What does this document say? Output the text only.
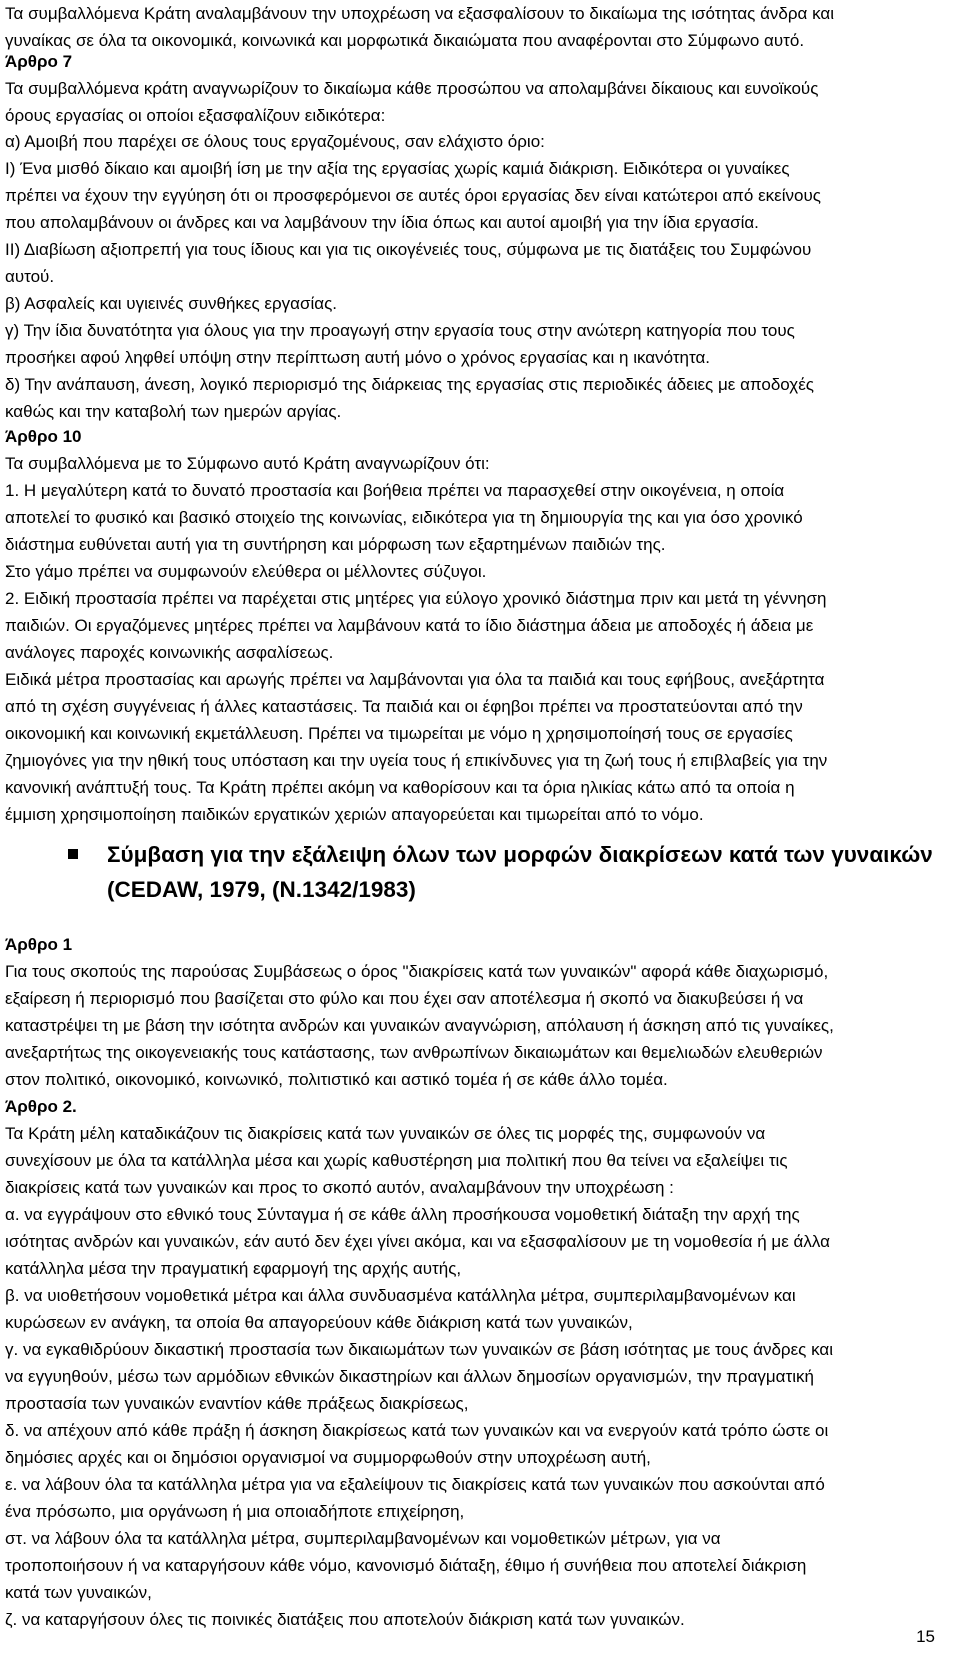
Τα συμβαλλόμενα Κράτη αναλαμβάνουν την υποχρέωση να εξασφαλίσουν το δικαίωμα της ισότητας άνδρα και

γυναίκας σε όλα τα οικονομικά, κοινωνικά και μορφωτικά δικαιώματα που αναφέρονται στο Σύμφωνο αυτό.

Άρθρο 7

Τα συμβαλλόμενα κράτη αναγνωρίζουν το δικαίωμα κάθε προσώπου να απολαμβάνει δίκαιους και ευνοϊκούς

όρους εργασίας οι οποίοι εξασφαλίζουν ειδικότερα:

α) Αμοιβή που παρέχει σε όλους τους εργαζομένους, σαν ελάχιστο όριο:

Ι) Ένα μισθό δίκαιο και αμοιβή ίση με την αξία της εργασίας χωρίς καμιά διάκριση. Ειδικότερα οι γυναίκες

πρέπει να έχουν την εγγύηση ότι οι προσφερόμενοι σε αυτές όροι εργασίας δεν είναι κατώτεροι από εκείνους

που απολαμβάνουν οι άνδρες και να λαμβάνουν την ίδια όπως και αυτοί αμοιβή για την ίδια εργασία.

ΙΙ) Διαβίωση αξιοπρεπή για τους ίδιους και για τις οικογένειές τους, σύμφωνα με τις διατάξεις του Συμφώνου

αυτού.

β) Ασφαλείς και υγιεινές συνθήκες εργασίας.

γ) Την ίδια δυνατότητα για όλους για την προαγωγή στην εργασία τους στην ανώτερη κατηγορία που τους

προσήκει αφού ληφθεί υπόψη στην περίπτωση αυτή μόνο ο χρόνος εργασίας και η ικανότητα.

δ) Την ανάπαυση, άνεση, λογικό περιορισμό της διάρκειας της εργασίας στις περιοδικές άδειες με αποδοχές

καθώς και την καταβολή των ημερών αργίας.

Άρθρο 10

Τα συμβαλλόμενα με το Σύμφωνο αυτό Κράτη αναγνωρίζουν ότι:

1. Η μεγαλύτερη κατά το δυνατό προστασία και βοήθεια πρέπει να παρασχεθεί στην οικογένεια, η οποία

αποτελεί το φυσικό και βασικό στοιχείο της κοινωνίας, ειδικότερα για τη δημιουργία της και για όσο χρονικό

διάστημα ευθύνεται αυτή για τη συντήρηση και μόρφωση των εξαρτημένων παιδιών της.

Στο γάμο πρέπει να συμφωνούν ελεύθερα οι μέλλοντες σύζυγοι.

2. Ειδική προστασία πρέπει να παρέχεται στις μητέρες για εύλογο χρονικό διάστημα πριν και μετά τη γέννηση

παιδιών. Οι εργαζόμενες μητέρες πρέπει να λαμβάνουν κατά το ίδιο διάστημα άδεια με αποδοχές ή άδεια με

ανάλογες παροχές κοινωνικής ασφαλίσεως.

Ειδικά μέτρα προστασίας και αρωγής πρέπει να λαμβάνονται για όλα τα παιδιά και τους εφήβους, ανεξάρτητα

από τη σχέση συγγένειας ή άλλες καταστάσεις. Τα παιδιά και οι έφηβοι πρέπει να προστατεύονται από την

οικονομική και κοινωνική εκμετάλλευση. Πρέπει να τιμωρείται με νόμο η χρησιμοποίησή τους σε εργασίες

ζημιογόνες για την ηθική τους υπόσταση και την υγεία τους ή επικίνδυνες για τη ζωή τους ή επιβλαβείς για την

κανονική ανάπτυξή τους. Τα Κράτη πρέπει ακόμη να καθορίσουν και τα όρια ηλικίας κάτω από τα οποία η

έμμιση χρησιμοποίηση παιδικών εργατικών χεριών απαγορεύεται και τιμωρείται από το νόμο.

Σύμβαση για την εξάλειψη όλων των μορφών διακρίσεων κατά των γυναικών
(CEDAW, 1979, (N.1342/1983)

Άρθρο 1

Για τους σκοπούς της παρούσας Συμβάσεως ο όρος "διακρίσεις κατά των γυναικών" αφορά κάθε διαχωρισμό,

εξαίρεση ή περιορισμό που βασίζεται στο φύλο και που έχει σαν αποτέλεσμα ή σκοπό να διακυβεύσει ή να

καταστρέψει τη με βάση την ισότητα ανδρών και γυναικών αναγνώριση, απόλαυση ή άσκηση από τις γυναίκες,

ανεξαρτήτως της οικογενειακής τους κατάστασης, των ανθρωπίνων δικαιωμάτων και θεμελιωδών ελευθεριών

στον πολιτικό, οικονομικό, κοινωνικό, πολιτιστικό και αστικό τομέα ή σε κάθε άλλο τομέα.

Άρθρο 2.

Τα Κράτη μέλη καταδικάζουν τις διακρίσεις κατά των γυναικών σε όλες τις μορφές της, συμφωνούν να

συνεχίσουν με όλα τα κατάλληλα μέσα και χωρίς καθυστέρηση μια πολιτική που θα τείνει να εξαλείψει τις

διακρίσεις κατά των γυναικών και προς το σκοπό αυτόν, αναλαμβάνουν την υποχρέωση :

α. να εγγράψουν στο εθνικό τους Σύνταγμα ή σε κάθε άλλη προσήκουσα νομοθετική διάταξη την αρχή της

ισότητας ανδρών και γυναικών, εάν αυτό δεν έχει γίνει ακόμα, και να εξασφαλίσουν με τη νομοθεσία ή με άλλα

κατάλληλα μέσα την πραγματική εφαρμογή της αρχής αυτής,

β. να υιοθετήσουν νομοθετικά μέτρα και άλλα συνδυασμένα κατάλληλα μέτρα, συμπεριλαμβανομένων και

κυρώσεων εν ανάγκη, τα οποία θα απαγορεύουν κάθε διάκριση κατά των γυναικών,

γ. να εγκαθιδρύουν δικαστική προστασία των δικαιωμάτων των γυναικών σε βάση ισότητας με τους άνδρες και

να εγγυηθούν, μέσω των αρμόδιων εθνικών δικαστηρίων και άλλων δημοσίων οργανισμών, την πραγματική

προστασία των γυναικών εναντίον κάθε πράξεως διακρίσεως,

δ. να απέχουν από κάθε πράξη ή άσκηση διακρίσεως κατά των γυναικών και να ενεργούν κατά τρόπο ώστε οι

δημόσιες αρχές και οι δημόσιοι οργανισμοί να συμμορφωθούν στην υποχρέωση αυτή,

ε. να λάβουν όλα τα κατάλληλα μέτρα για να εξαλείψουν τις διακρίσεις κατά των γυναικών που ασκούνται από

ένα πρόσωπο, μια οργάνωση ή μια οποιαδήποτε επιχείρηση,

στ. να λάβουν όλα τα κατάλληλα μέτρα, συμπεριλαμβανομένων και νομοθετικών μέτρων, για να

τροποποιήσουν ή να καταργήσουν κάθε νόμο, κανονισμό διάταξη, έθιμο ή συνήθεια που αποτελεί διάκριση

κατά των γυναικών,

ζ. να καταργήσουν όλες τις ποινικές διατάξεις που αποτελούν διάκριση κατά των γυναικών.

15
